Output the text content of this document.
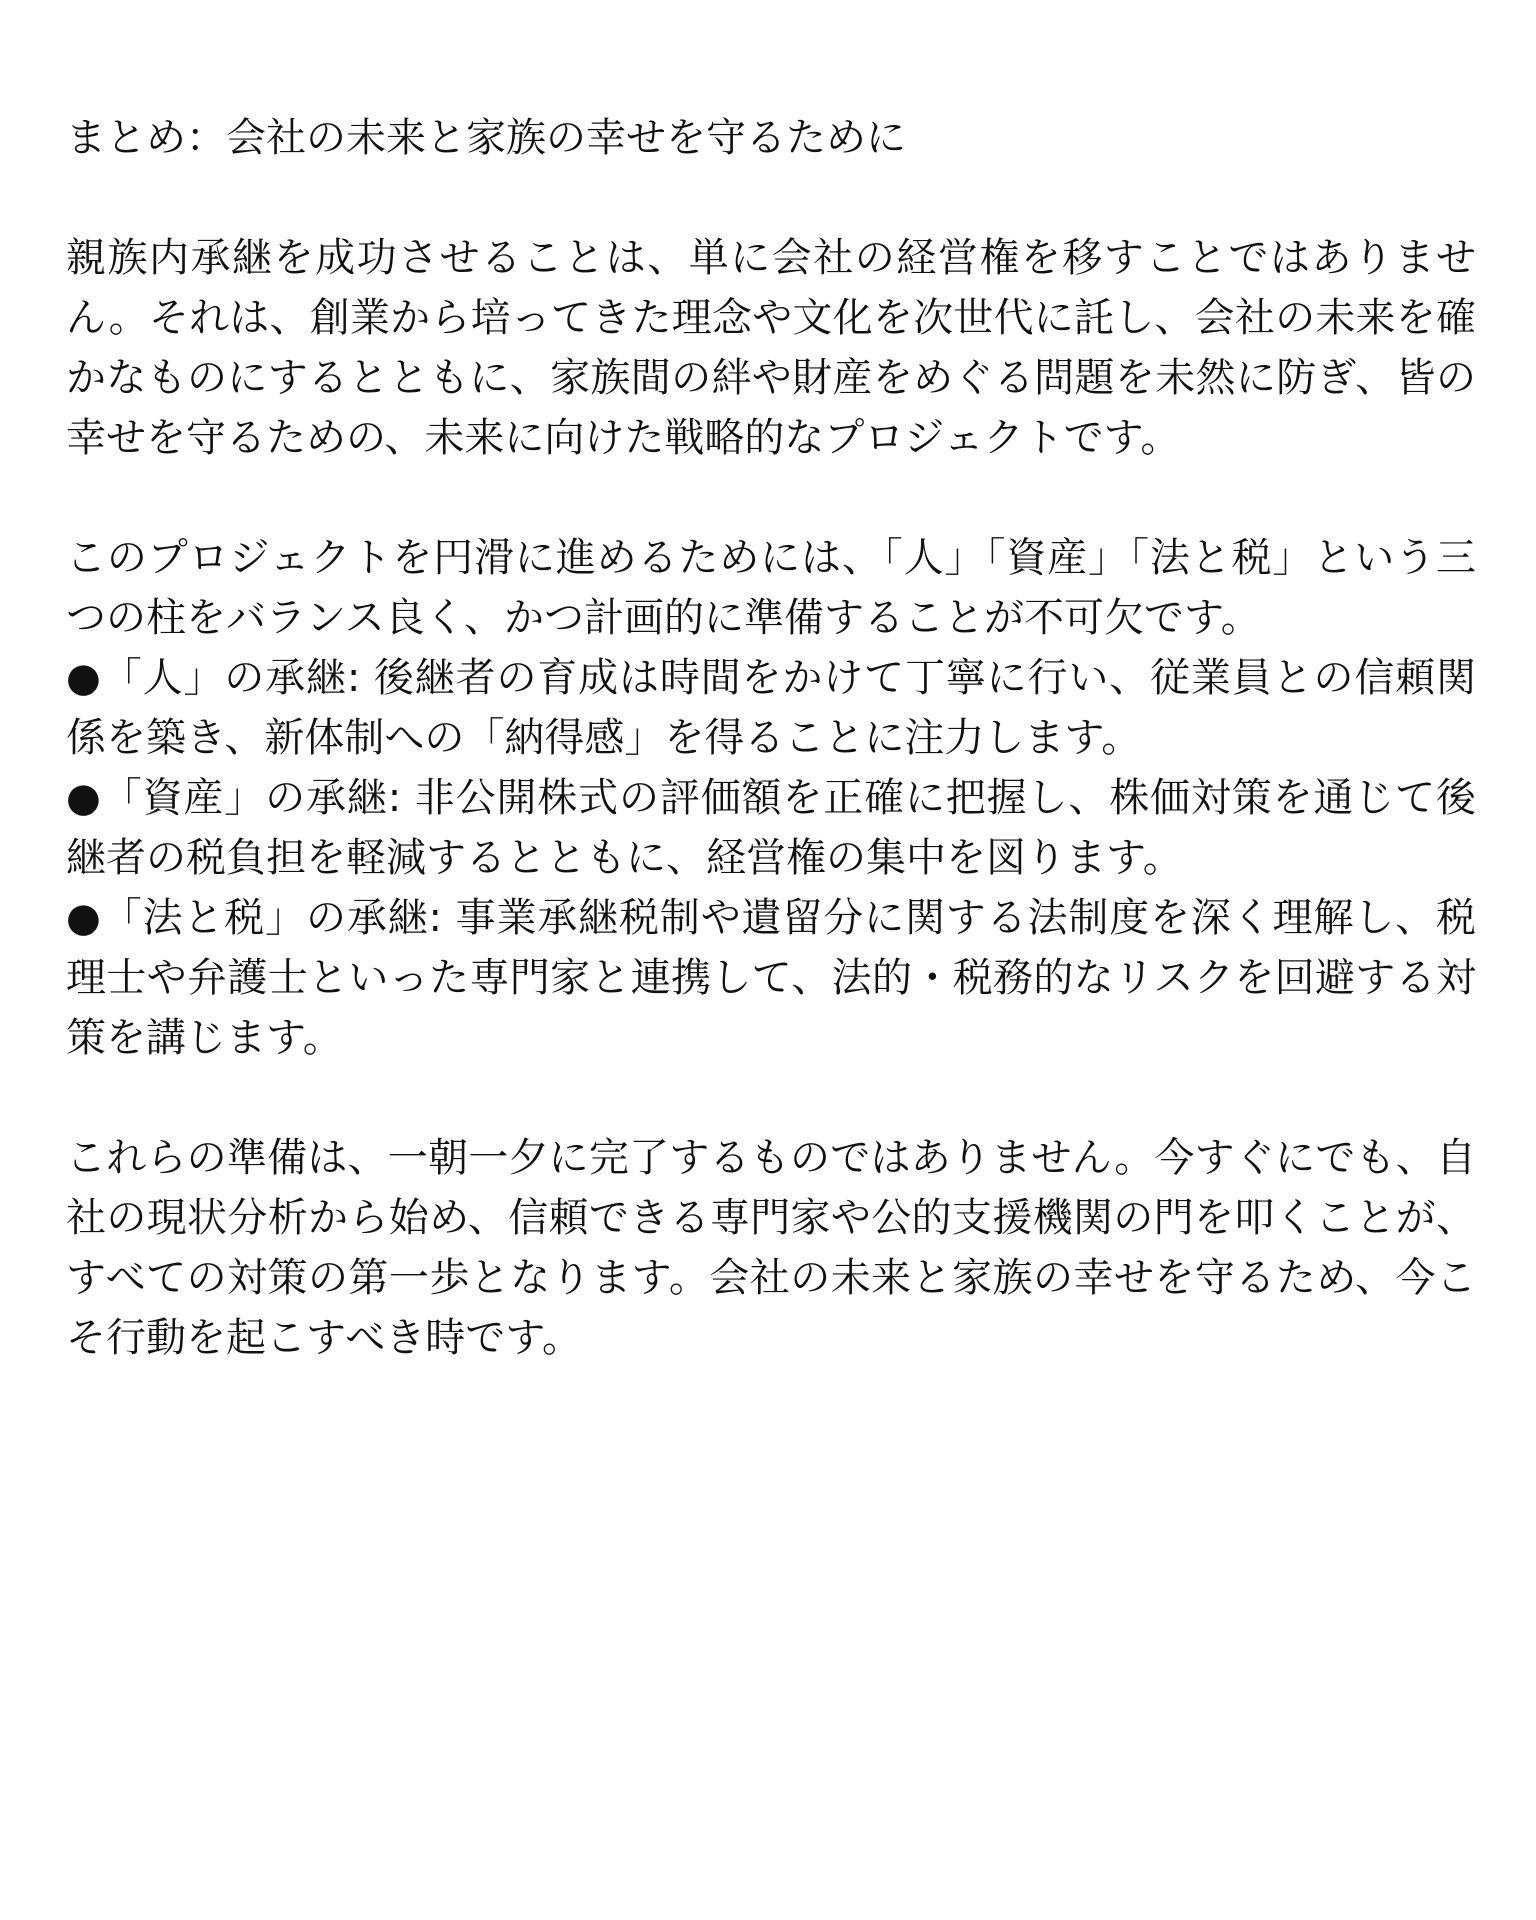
まとめ：会社の未来と家族の幸せを守るために

親族内承継を成功させることは、単に会社の経営権を移すことではありません。それは、創業から培ってきた理念や文化を次世代に託し、会社の未来を確かなものにするとともに、家族間の絆や財産をめぐる問題を未然に防ぎ、皆の幸せを守るための、未来に向けた戦略的なプロジェクトです。

このプロジェクトを円滑に進めるためには、「人」「資産」「法と税」という三つの柱をバランス良く、かつ計画的に準備することが不可欠です。

●「人」の承継: 後継者の育成は時間をかけて丁寧に行い、従業員との信頼関係を築き、新体制への「納得感」を得ることに注力します。

●「資産」の承継: 非公開株式の評価額を正確に把握し、株価対策を通じて後継者の税負担を軽減するとともに、経営権の集中を図ります。

●「法と税」の承継: 事業承継税制や遺留分に関する法制度を深く理解し、税理士や弁護士といった専門家と連携して、法的・税務的なリスクを回避する対策を講じます。

これらの準備は、一朝一夕に完了するものではありません。今すぐにでも、自社の現状分析から始め、信頼できる専門家や公的支援機関の門を叩くことが、すべての対策の第一歩となります。会社の未来と家族の幸せを守るため、今こそ行動を起こすべき時です。
